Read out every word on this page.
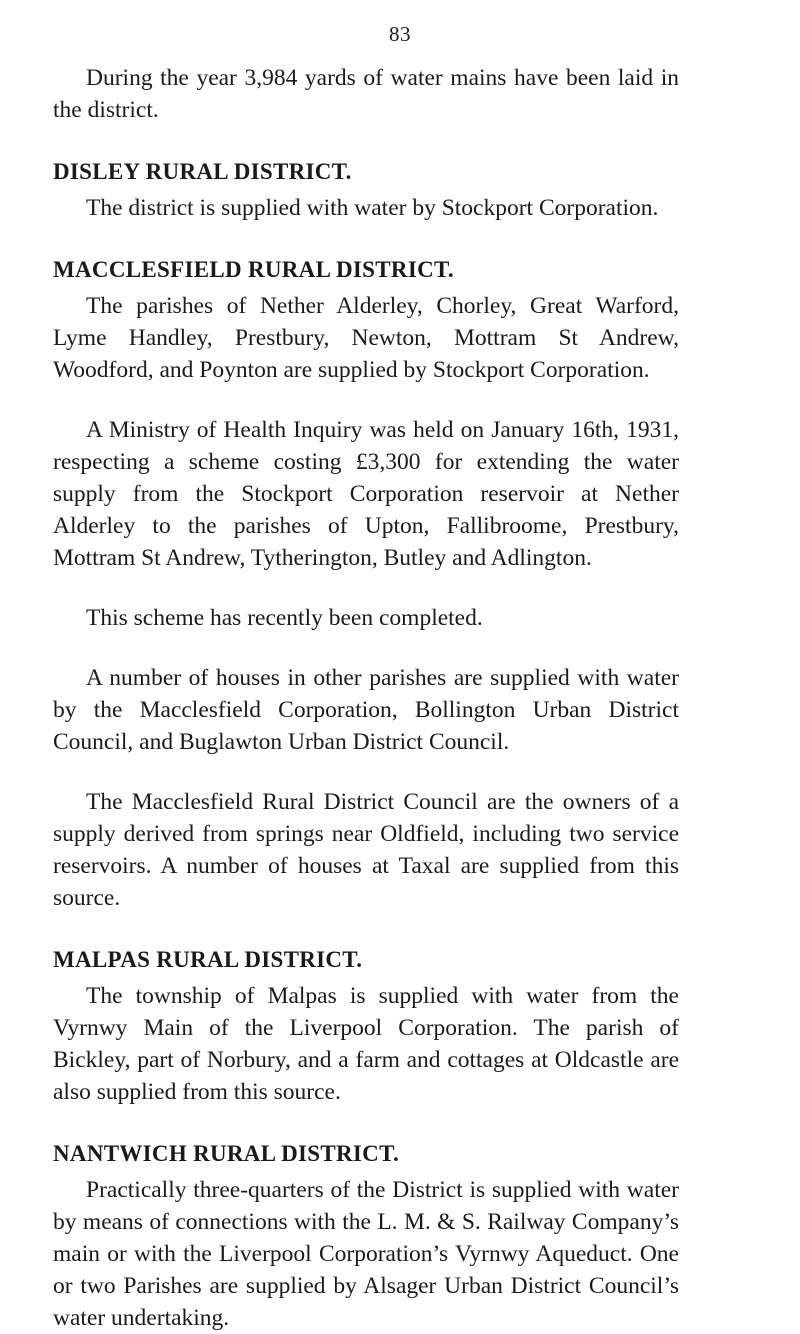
83

During the year 3,984 yards of water mains have been laid in the district.

DISLEY RURAL DISTRICT.

The district is supplied with water by Stockport Corporation.

MACCLESFIELD RURAL DISTRICT.

The parishes of Nether Alderley, Chorley, Great Warford, Lyme Handley, Prestbury, Newton, Mottram St Andrew, Woodford, and Poynton are supplied by Stockport Corporation.

A Ministry of Health Inquiry was held on January 16th, 1931, respecting a scheme costing £3,300 for extending the water supply from the Stockport Corporation reservoir at Nether Alderley to the parishes of Upton, Fallibroome, Prestbury, Mottram St Andrew, Tytherington, Butley and Adlington.

This scheme has recently been completed.

A number of houses in other parishes are supplied with water by the Macclesfield Corporation, Bollington Urban District Council, and Buglawton Urban District Council.

The Macclesfield Rural District Council are the owners of a supply derived from springs near Oldfield, including two service reservoirs. A number of houses at Taxal are supplied from this source.

MALPAS RURAL DISTRICT.

The township of Malpas is supplied with water from the Vyrnwy Main of the Liverpool Corporation. The parish of Bickley, part of Norbury, and a farm and cottages at Oldcastle are also supplied from this source.

NANTWICH RURAL DISTRICT.

Practically three-quarters of the District is supplied with water by means of connections with the L. M. & S. Railway Company’s main or with the Liverpool Corporation’s Vyrnwy Aqueduct. One or two Parishes are supplied by Alsager Urban District Council’s water undertaking.
